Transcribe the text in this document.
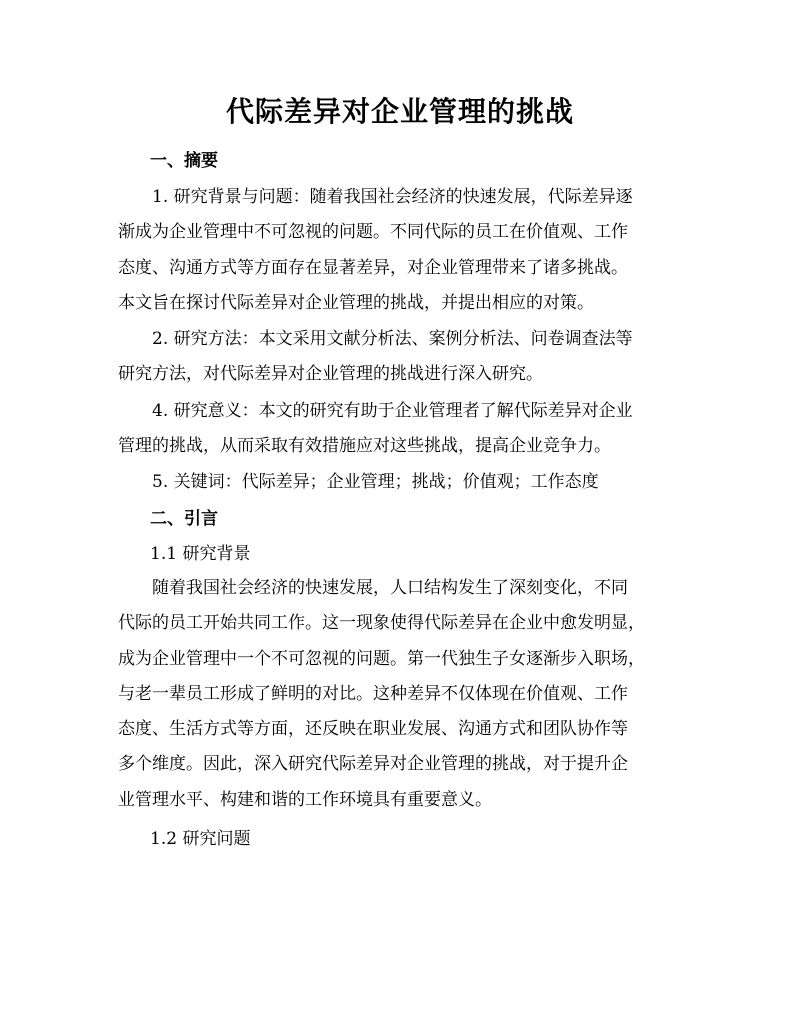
代际差异对企业管理的挑战
一、摘要
　　1. 研究背景与问题：随着我国社会经济的快速发展，代际差异逐
渐成为企业管理中不可忽视的问题。不同代际的员工在价值观、工作
态度、沟通方式等方面存在显著差异，对企业管理带来了诸多挑战。
本文旨在探讨代际差异对企业管理的挑战，并提出相应的对策。
　　2. 研究方法：本文采用文献分析法、案例分析法、问卷调查法等
研究方法，对代际差异对企业管理的挑战进行深入研究。
　　4. 研究意义：本文的研究有助于企业管理者了解代际差异对企业
管理的挑战，从而采取有效措施应对这些挑战，提高企业竞争力。
　　5. 关键词：代际差异；企业管理；挑战；价值观；工作态度
二、引言
1.1 研究背景
　　随着我国社会经济的快速发展，人口结构发生了深刻变化，不同
代际的员工开始共同工作。这一现象使得代际差异在企业中愈发明显，
成为企业管理中一个不可忽视的问题。第一代独生子女逐渐步入职场，
与老一辈员工形成了鲜明的对比。这种差异不仅体现在价值观、工作
态度、生活方式等方面，还反映在职业发展、沟通方式和团队协作等
多个维度。因此，深入研究代际差异对企业管理的挑战，对于提升企
业管理水平、构建和谐的工作环境具有重要意义。
1.2 研究问题
